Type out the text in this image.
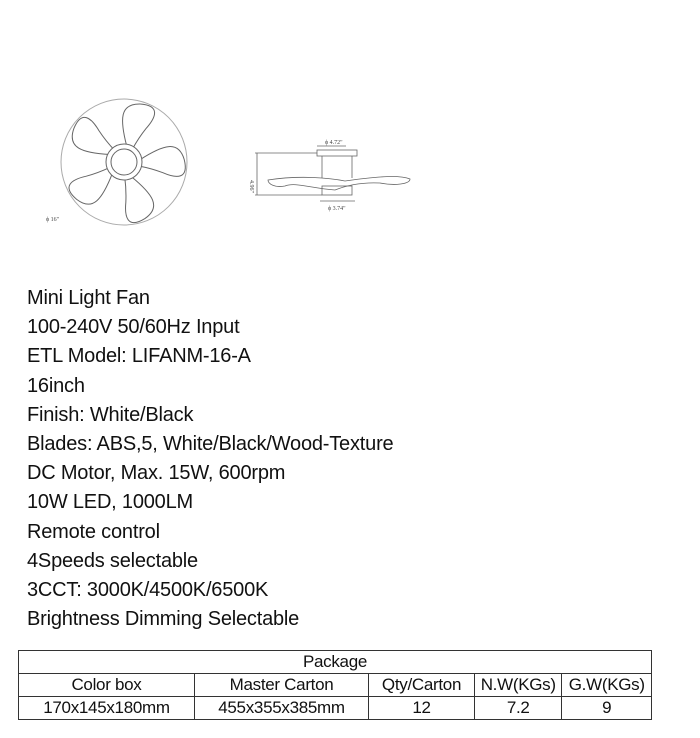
ϕ 16"
ϕ 4.72"
4.96"
ϕ 3.74"
Mini Light Fan
100-240V 50/60Hz Input
ETL Model: LIFANM-16-A
16inch
Finish: White/Black
Blades: ABS,5, White/Black/Wood-Texture
DC Motor, Max. 15W, 600rpm
10W LED, 1000LM
Remote control
4Speeds selectable
3CCT: 3000K/4500K/6500K
Brightness Dimming Selectable
Package				
Color box	Master Carton	Qty/Carton	N.W(KGs)	G.W(KGs)
170x145x180mm	455x355x385mm	12	7.2	9
